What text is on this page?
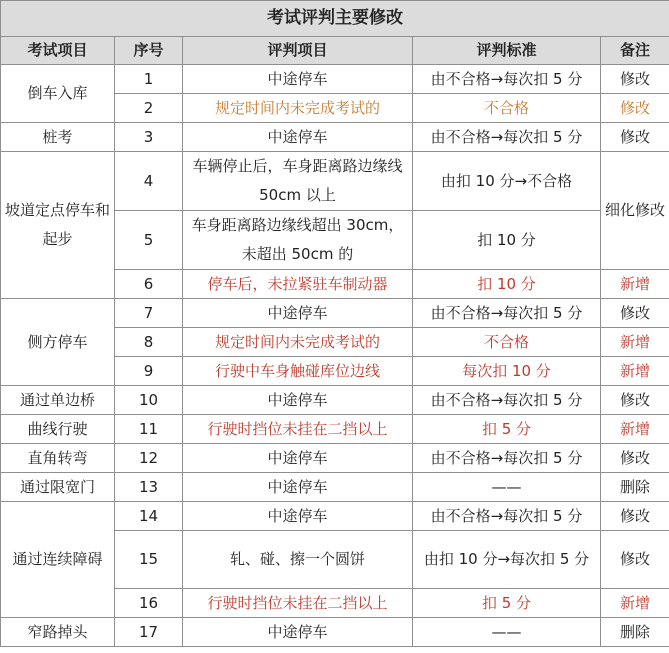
考试评判主要修改				
考试项目	序号	评判项目	评判标准	备注
倒车入库	1	中途停车	由不合格→每次扣 5 分	修改
	2	规定时间内未完成考试的	不合格	修改
桩考	3	中途停车	由不合格→每次扣 5 分	修改
坡道定点停车和起步	4	车辆停止后，车身距离路边缘线 50cm 以上	由扣 10 分→不合格	细化修改
	5	车身距离路边缘线超出 30cm，未超出 50cm 的	扣 10 分	
	6	停车后，未拉紧驻车制动器	扣 10 分	新增
侧方停车	7	中途停车	由不合格→每次扣 5 分	修改
	8	规定时间内未完成考试的	不合格	新增
	9	行驶中车身触碰库位边线	每次扣 10 分	新增
通过单边桥	10	中途停车	由不合格→每次扣 5 分	修改
曲线行驶	11	行驶时挡位未挂在二挡以上	扣 5 分	新增
直角转弯	12	中途停车	由不合格→每次扣 5 分	修改
通过限宽门	13	中途停车	——	删除
通过连续障碍	14	中途停车	由不合格→每次扣 5 分	修改
	15	轧、碰、擦一个圆饼	由扣 10 分→每次扣 5 分	修改
	16	行驶时挡位未挂在二挡以上	扣 5 分	新增
窄路掉头	17	中途停车	——	删除
